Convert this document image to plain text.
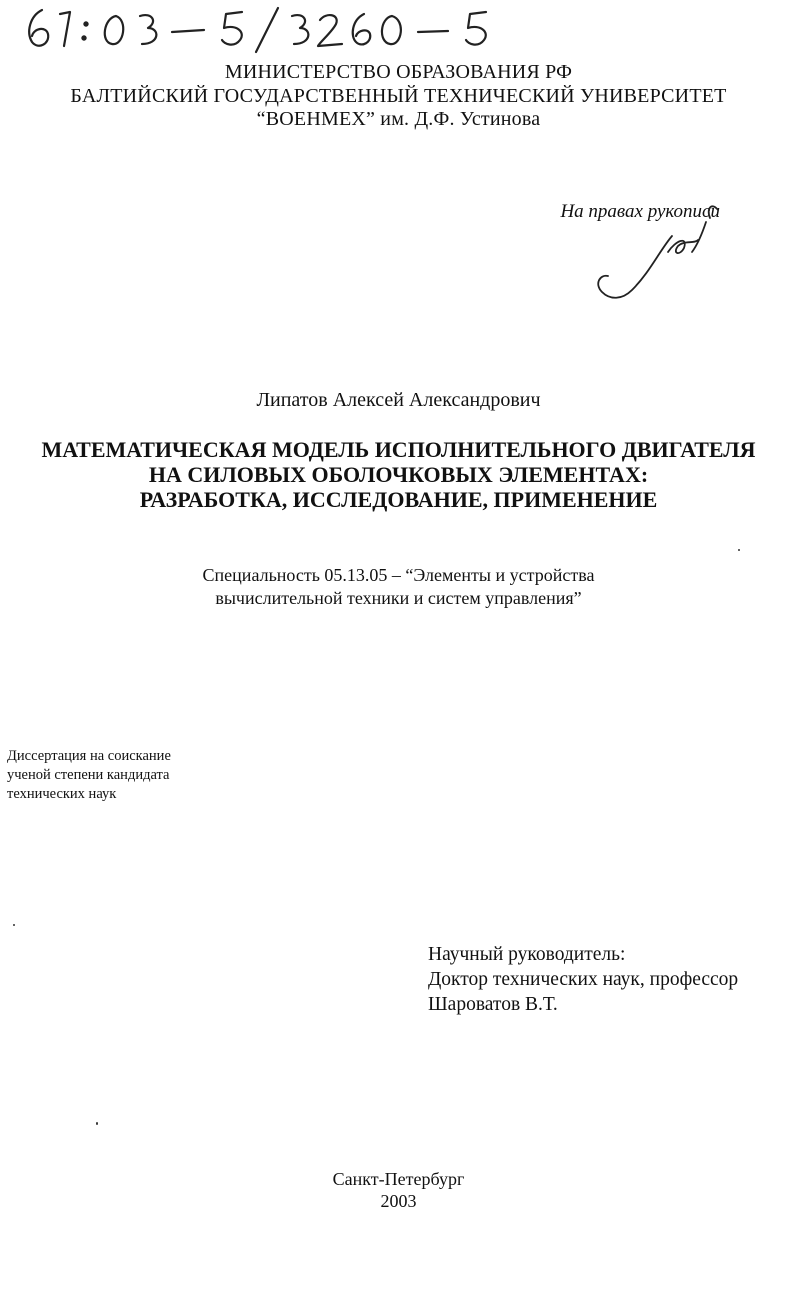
МИНИСТЕРСТВО ОБРАЗОВАНИЯ РФ
БАЛТИЙСКИЙ ГОСУДАРСТВЕННЫЙ ТЕХНИЧЕСКИЙ УНИВЕРСИТЕТ
“ВОЕНМЕХ” им. Д.Ф. Устинова
На правах рукописи
Липатов Алексей Александрович
МАТЕМАТИЧЕСКАЯ МОДЕЛЬ ИСПОЛНИТЕЛЬНОГО ДВИГАТЕЛЯ
НА СИЛОВЫХ ОБОЛОЧКОВЫХ ЭЛЕМЕНТАХ:
РАЗРАБОТКА, ИССЛЕДОВАНИЕ, ПРИМЕНЕНИЕ
Специальность 05.13.05 – “Элементы и устройства
вычислительной техники и систем управления”
Диссертация на соискание
ученой степени кандидата
технических наук
Научный руководитель:
Доктор технических наук, профессор
Шароватов В.Т.
Санкт-Петербург
2003
